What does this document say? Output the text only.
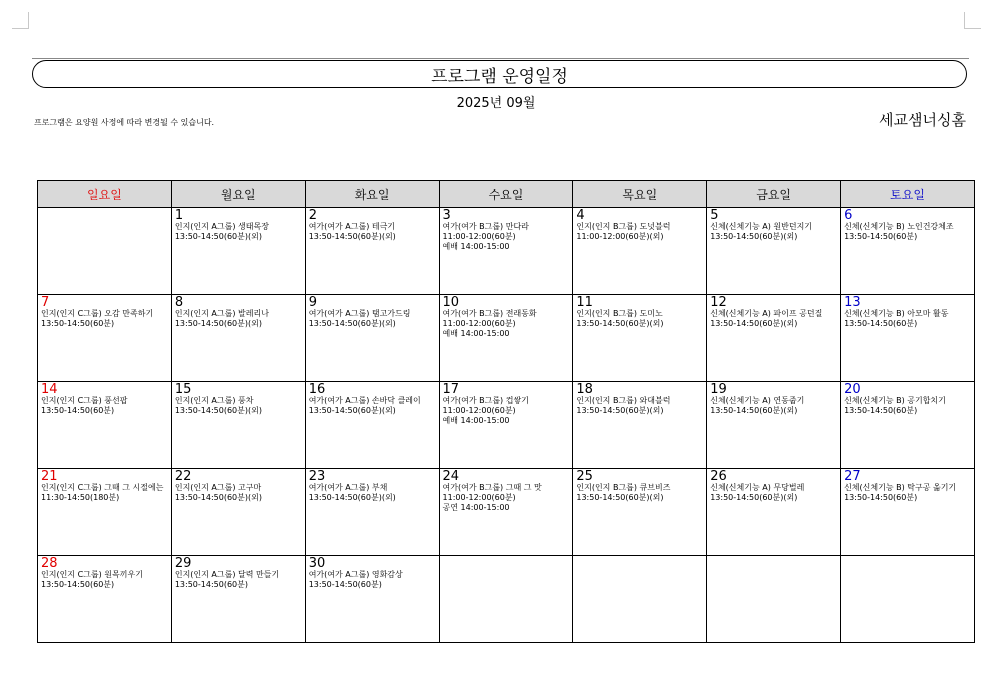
프로그램 운영일정
2025년 09월
프로그램은 요양원 사정에 따라 변경될 수 있습니다.	세교샘너싱홈
일요일	월요일	화요일	수요일	목요일	금요일	토요일

	1
인지(인지 A그룹) 생태목장
13:50-14:50(60분)(외)	2
여가(여가 A그룹) 테극기
13:50-14:50(60분)(외)	3
여가(여가 B그룹) 만다라
11:00-12:00(60분)
예배 14:00-15:00	4
인지(인지 B그룹) 도넛블럭
11:00-12:00(60분)(외)	5
신체(신체기능 A) 원반던지기
13:50-14:50(60분)(외)	6
신체(신체기능 B) 노인건강체조
13:50-14:50(60분)

7
인지(인지 C그룹) 오감 만족하기
13:50-14:50(60분)	8
인지(인지 A그룹) 발레리나
13:50-14:50(60분)(외)	9
여가(여가 A그룹) 탬고가드링
13:50-14:50(60분)(외)	10
여가(여가 B그룹) 전래동화
11:00-12:00(60분)
예배 14:00-15:00	11
인지(인지 B그룹) 도미노
13:50-14:50(60분)(외)	12
신체(신체기능 A) 파이프 공던질
13:50-14:50(60분)(외)	13
신체(신체기능 B) 아모마 활동
13:50-14:50(60분)

14
인지(인지 C그룹) 풍선팝
13:50-14:50(60분)	15
인지(인지 A그룹) 풍차
13:50-14:50(60분)(외)	16
여가(여가 A그룹) 손바닥 클레이
13:50-14:50(60분)(외)	17
여가(여가 B그룹) 컵쌓기
11:00-12:00(60분)
예배 14:00-15:00	18
인지(인지 B그룹) 와대블럭
13:50-14:50(60분)(외)	19
신체(신체기능 A) 연동줍기
13:50-14:50(60분)(외)	20
신체(신체기능 B) 공기합치기
13:50-14:50(60분)

21
인지(인지 C그룹) 그때 그 시절에는
11:30-14:50(180분)	22
인지(인지 A그룹) 고구마
13:50-14:50(60분)(외)	23
여가(여가 A그룹) 부채
13:50-14:50(60분)(외)	24
여가(여가 B그룹) 그때 그 맛
11:00-12:00(60분)
공연 14:00-15:00	25
인지(인지 B그룹) 큐브비즈
13:50-14:50(60분)(외)	26
신체(신체기능 A) 무당벌레
13:50-14:50(60분)(외)	27
신체(신체기능 B) 탁구공 옮기기
13:50-14:50(60분)

28
인지(인지 C그룹) 원목끼우기
13:50-14:50(60분)	29
인지(인지 A그룹) 달력 만들기
13:50-14:50(60분)	30
여가(여가 A그룹) 영화감상
13:50-14:50(60분)				
